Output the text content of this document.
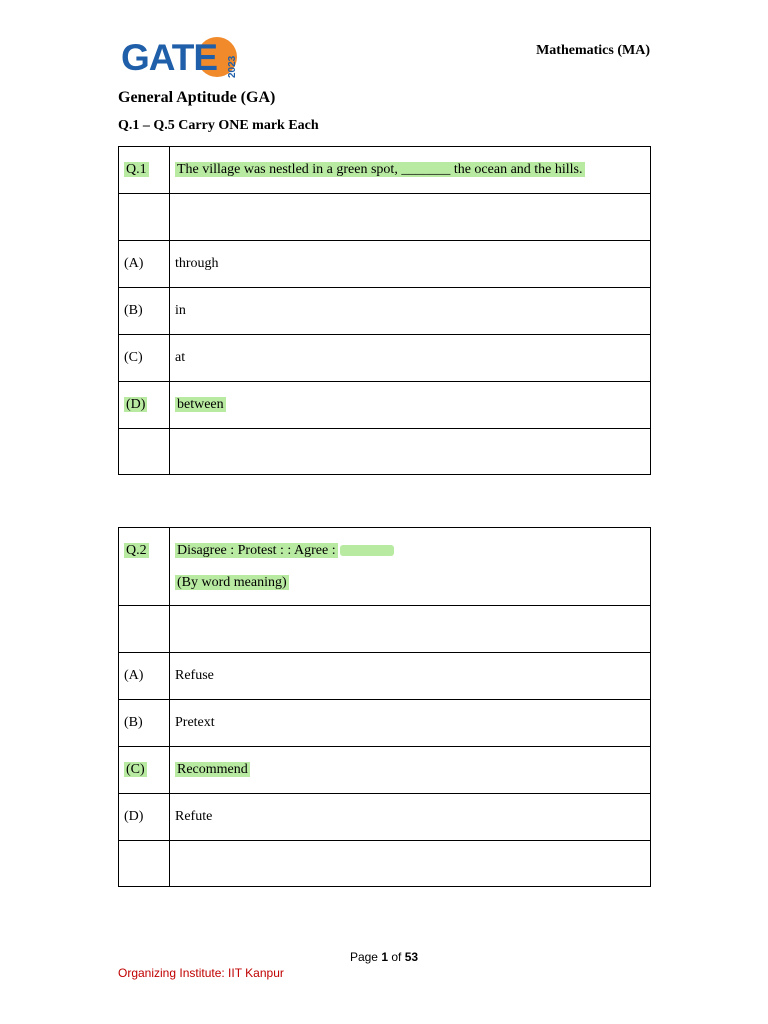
GATE 2023
Mathematics (MA)
General Aptitude (GA)
Q.1 – Q.5 Carry ONE mark Each
Q.1	The village was nestled in a green spot, _______ the ocean and the hills.

(A)	through
(B)	in
(C)	at
(D)	between

Q.2	Disagree : Protest : : Agree :
(By word meaning)

(A)	Refuse
(B)	Pretext
(C)	Recommend
(D)	Refute

Page 1 of 53
Organizing Institute: IIT Kanpur
